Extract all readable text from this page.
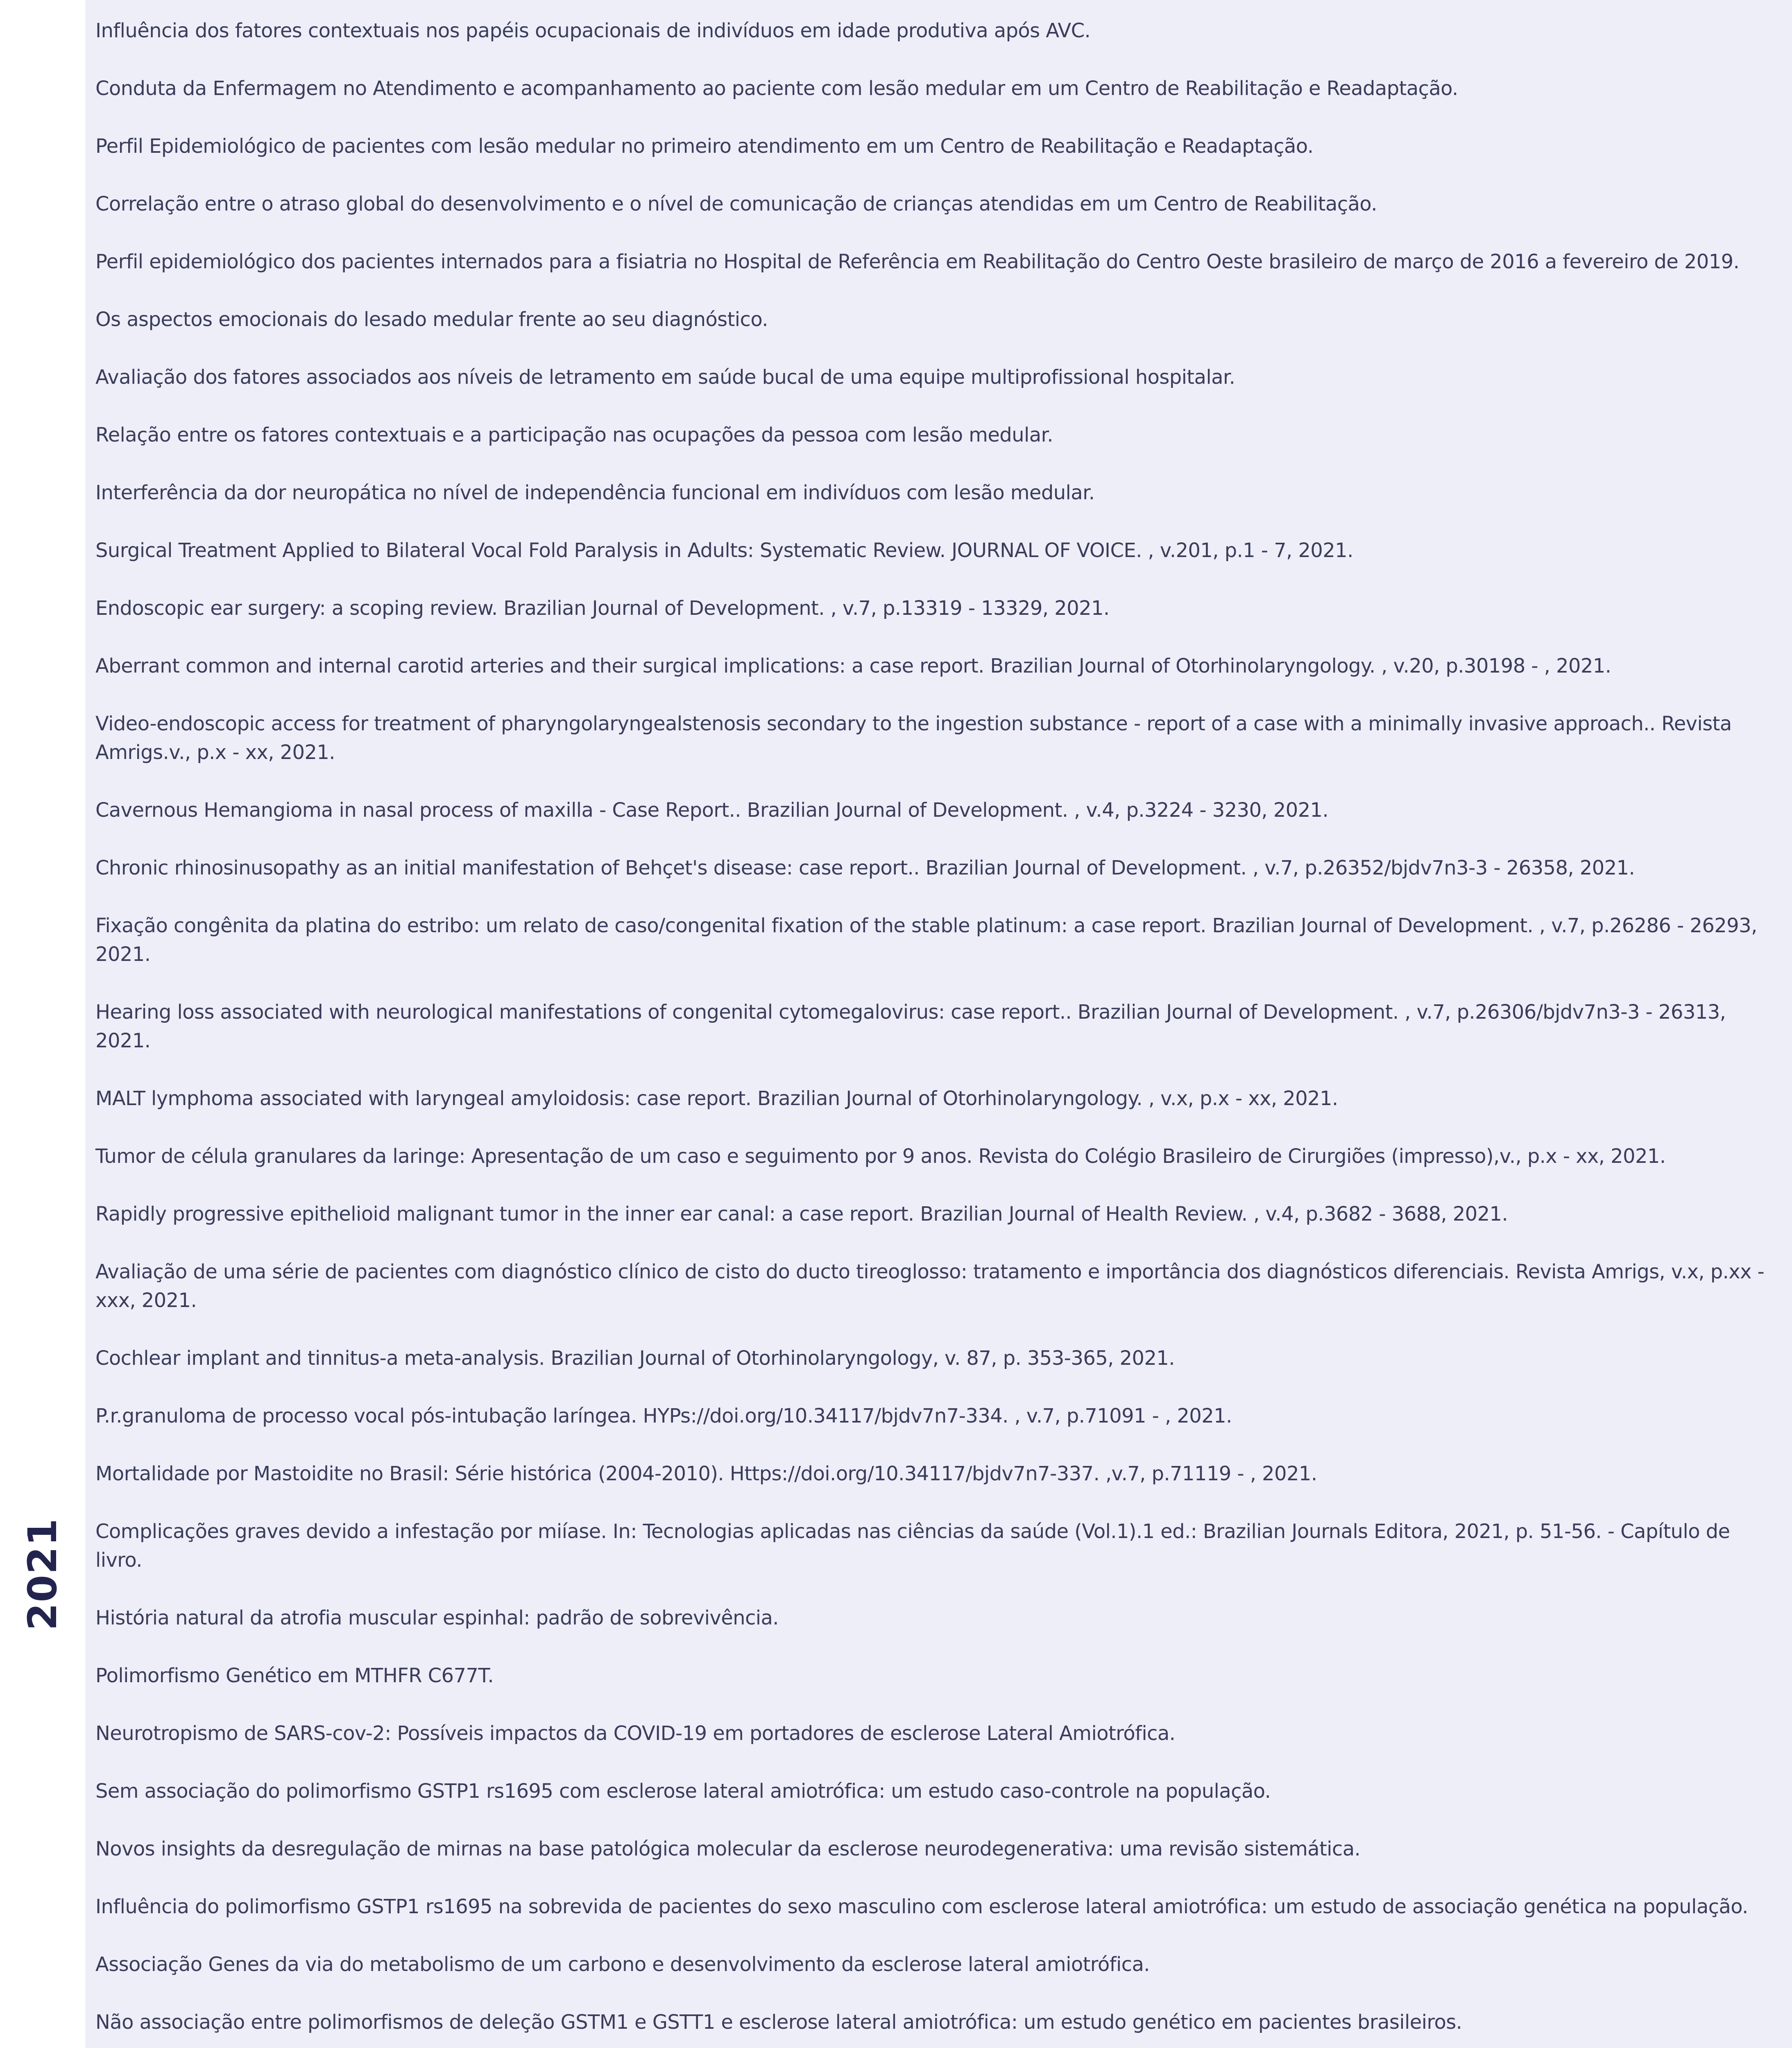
2021
Influência dos fatores contextuais nos papéis ocupacionais de indivíduos em idade produtiva após AVC.
Conduta da Enfermagem no Atendimento e acompanhamento ao paciente com lesão medular em um Centro de Reabilitação e Readaptação.
Perfil Epidemiológico de pacientes com lesão medular no primeiro atendimento em um Centro de Reabilitação e Readaptação.
Correlação entre o atraso global do desenvolvimento e o nível de comunicação de crianças atendidas em um Centro de Reabilitação.
Perfil epidemiológico dos pacientes internados para a fisiatria no Hospital de Referência em Reabilitação do Centro Oeste brasileiro de março de 2016 a fevereiro de 2019.
Os aspectos emocionais do lesado medular frente ao seu diagnóstico.
Avaliação dos fatores associados aos níveis de letramento em saúde bucal de uma equipe multiprofissional hospitalar.
Relação entre os fatores contextuais e a participação nas ocupações da pessoa com lesão medular.
Interferência da dor neuropática no nível de independência funcional em indivíduos com lesão medular.
Surgical Treatment Applied to Bilateral Vocal Fold Paralysis in Adults: Systematic Review. JOURNAL OF VOICE. , v.201, p.1 - 7, 2021.
Endoscopic ear surgery: a scoping review. Brazilian Journal of Development. , v.7, p.13319 - 13329, 2021.
Aberrant common and internal carotid arteries and their surgical implications: a case report. Brazilian Journal of Otorhinolaryngology. , v.20, p.30198 - , 2021.
Video-endoscopic access for treatment of pharyngolaryngealstenosis secondary to the ingestion substance - report of a case with a minimally invasive approach.. Revista Amrigs.v., p.x - xx, 2021.
Cavernous Hemangioma in nasal process of maxilla - Case Report.. Brazilian Journal of Development. , v.4, p.3224 - 3230, 2021.
Chronic rhinosinusopathy as an initial manifestation of Behçet's disease: case report.. Brazilian Journal of Development. , v.7, p.26352/bjdv7n3-3 - 26358, 2021.
Fixação congênita da platina do estribo: um relato de caso/congenital fixation of the stable platinum: a case report. Brazilian Journal of Development. , v.7, p.26286 - 26293, 2021.
Hearing loss associated with neurological manifestations of congenital cytomegalovirus: case report.. Brazilian Journal of Development. , v.7, p.26306/bjdv7n3-3 - 26313, 2021.
MALT lymphoma associated with laryngeal amyloidosis: case report. Brazilian Journal of Otorhinolaryngology. , v.x, p.x - xx, 2021.
Tumor de célula granulares da laringe: Apresentação de um caso e seguimento por 9 anos. Revista do Colégio Brasileiro de Cirurgiões (impresso),v., p.x - xx, 2021.
Rapidly progressive epithelioid malignant tumor in the inner ear canal: a case report. Brazilian Journal of Health Review. , v.4, p.3682 - 3688, 2021.
Avaliação de uma série de pacientes com diagnóstico clínico de cisto do ducto tireoglosso: tratamento e importância dos diagnósticos diferenciais. Revista Amrigs, v.x, p.xx - xxx, 2021.
Cochlear implant and tinnitus-a meta-analysis. Brazilian Journal of Otorhinolaryngology, v. 87, p. 353-365, 2021.
P.r.granuloma de processo vocal pós-intubação laríngea. HYPs://doi.org/10.34117/bjdv7n7-334. , v.7, p.71091 - , 2021.
Mortalidade por Mastoidite no Brasil: Série histórica (2004-2010). Https://doi.org/10.34117/bjdv7n7-337. ,v.7, p.71119 - , 2021.
Complicações graves devido a infestação por miíase. In: Tecnologias aplicadas nas ciências da saúde (Vol.1).1 ed.: Brazilian Journals Editora, 2021, p. 51-56. - Capítulo de livro.
História natural da atrofia muscular espinhal: padrão de sobrevivência.
Polimorfismo Genético em MTHFR C677T.
Neurotropismo de SARS-cov-2: Possíveis impactos da COVID-19 em portadores de esclerose Lateral Amiotrófica.
Sem associação do polimorfismo GSTP1 rs1695 com esclerose lateral amiotrófica: um estudo caso-controle na população.
Novos insights da desregulação de mirnas na base patológica molecular da esclerose neurodegenerativa: uma revisão sistemática.
Influência do polimorfismo GSTP1 rs1695 na sobrevida de pacientes do sexo masculino com esclerose lateral amiotrófica: um estudo de associação genética na população.
Associação Genes da via do metabolismo de um carbono e desenvolvimento da esclerose lateral amiotrófica.
Não associação entre polimorfismos de deleção GSTM1 e GSTT1 e esclerose lateral amiotrófica: um estudo genético em pacientes brasileiros.
